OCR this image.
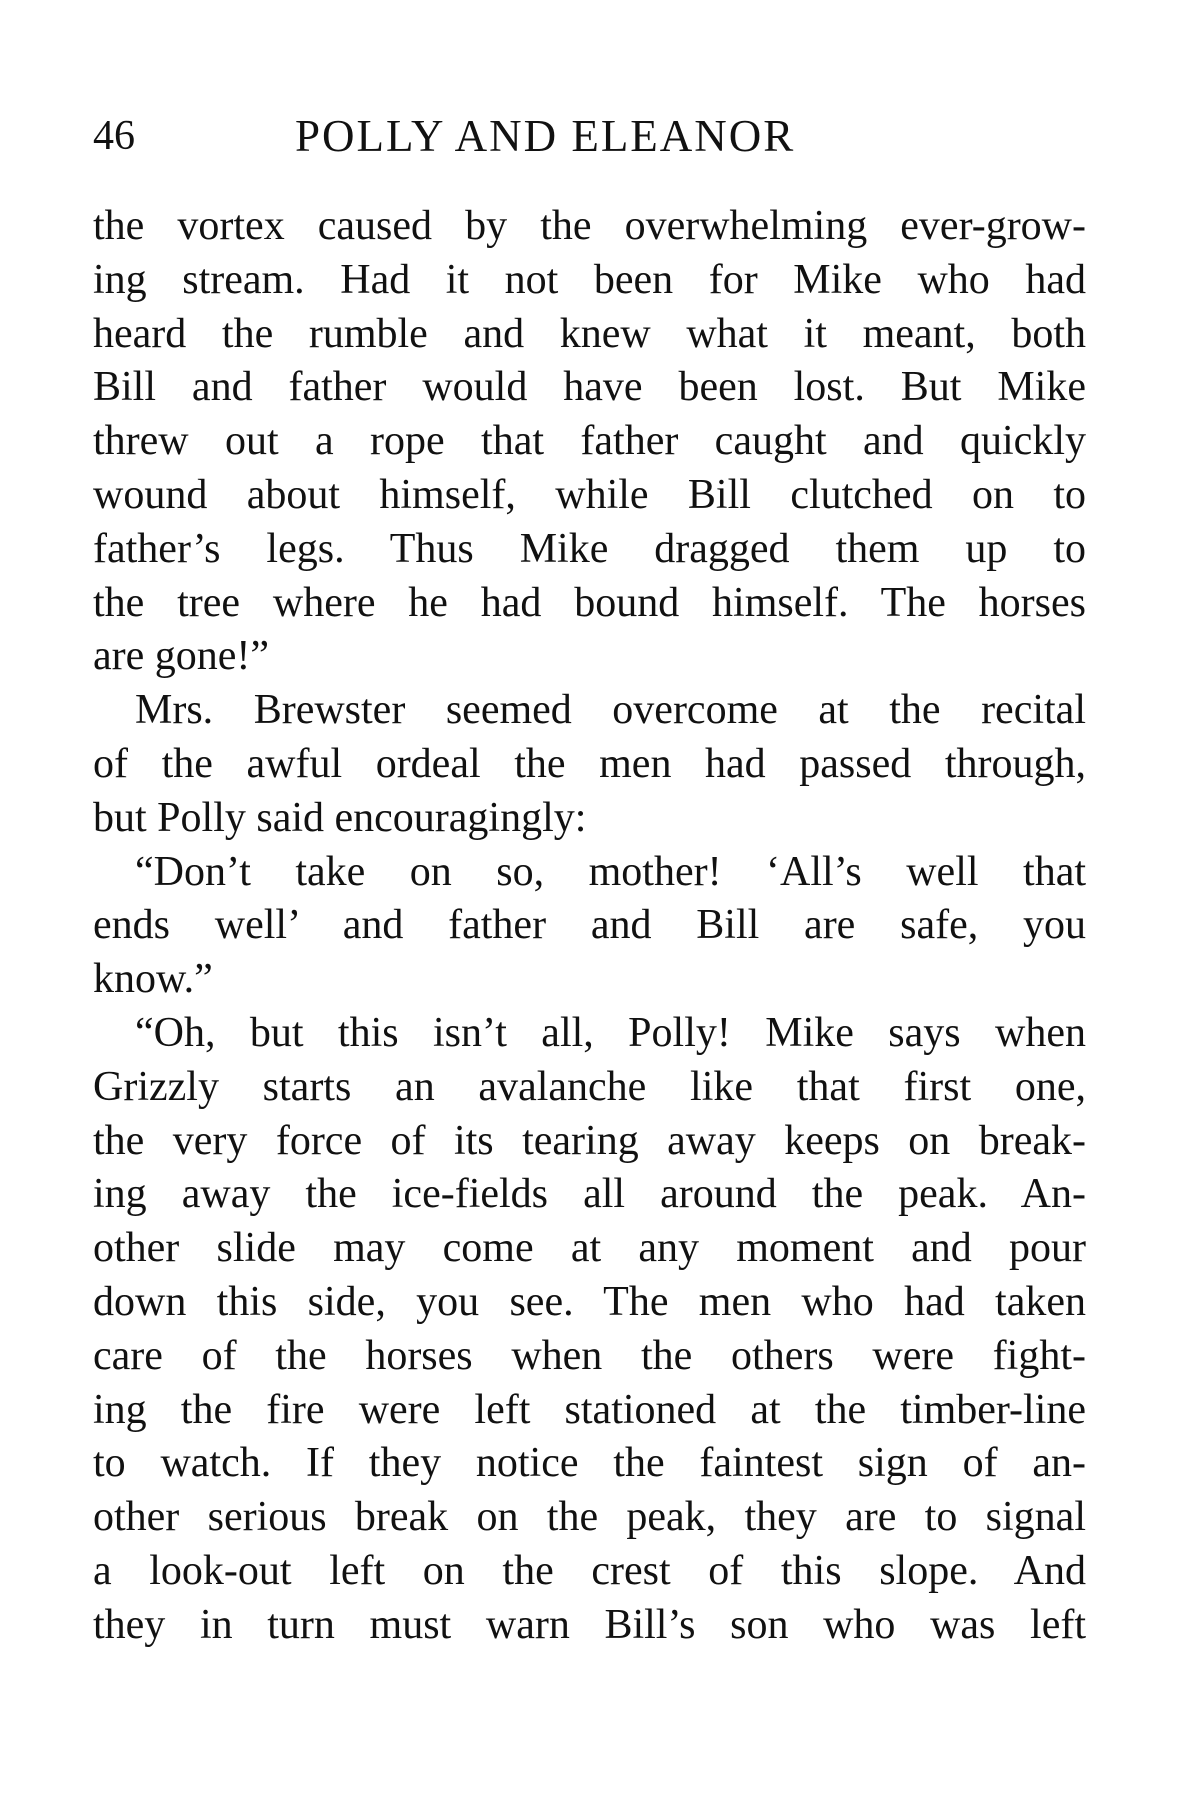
46	POLLY AND ELEANOR
the vortex caused by the overwhelming ever-grow-
ing stream. Had it not been for Mike who had
heard the rumble and knew what it meant, both
Bill and father would have been lost. But Mike
threw out a rope that father caught and quickly
wound about himself, while Bill clutched on to
father’s legs. Thus Mike dragged them up to
the tree where he had bound himself. The horses
are gone!”
Mrs. Brewster seemed overcome at the recital
of the awful ordeal the men had passed through,
but Polly said encouragingly:
“Don’t take on so, mother! ‘All’s well that
ends well’ and father and Bill are safe, you
know.”
“Oh, but this isn’t all, Polly! Mike says when
Grizzly starts an avalanche like that first one,
the very force of its tearing away keeps on break-
ing away the ice-fields all around the peak. An-
other slide may come at any moment and pour
down this side, you see. The men who had taken
care of the horses when the others were fight-
ing the fire were left stationed at the timber-line
to watch. If they notice the faintest sign of an-
other serious break on the peak, they are to signal
a look-out left on the crest of this slope. And
they in turn must warn Bill’s son who was left
